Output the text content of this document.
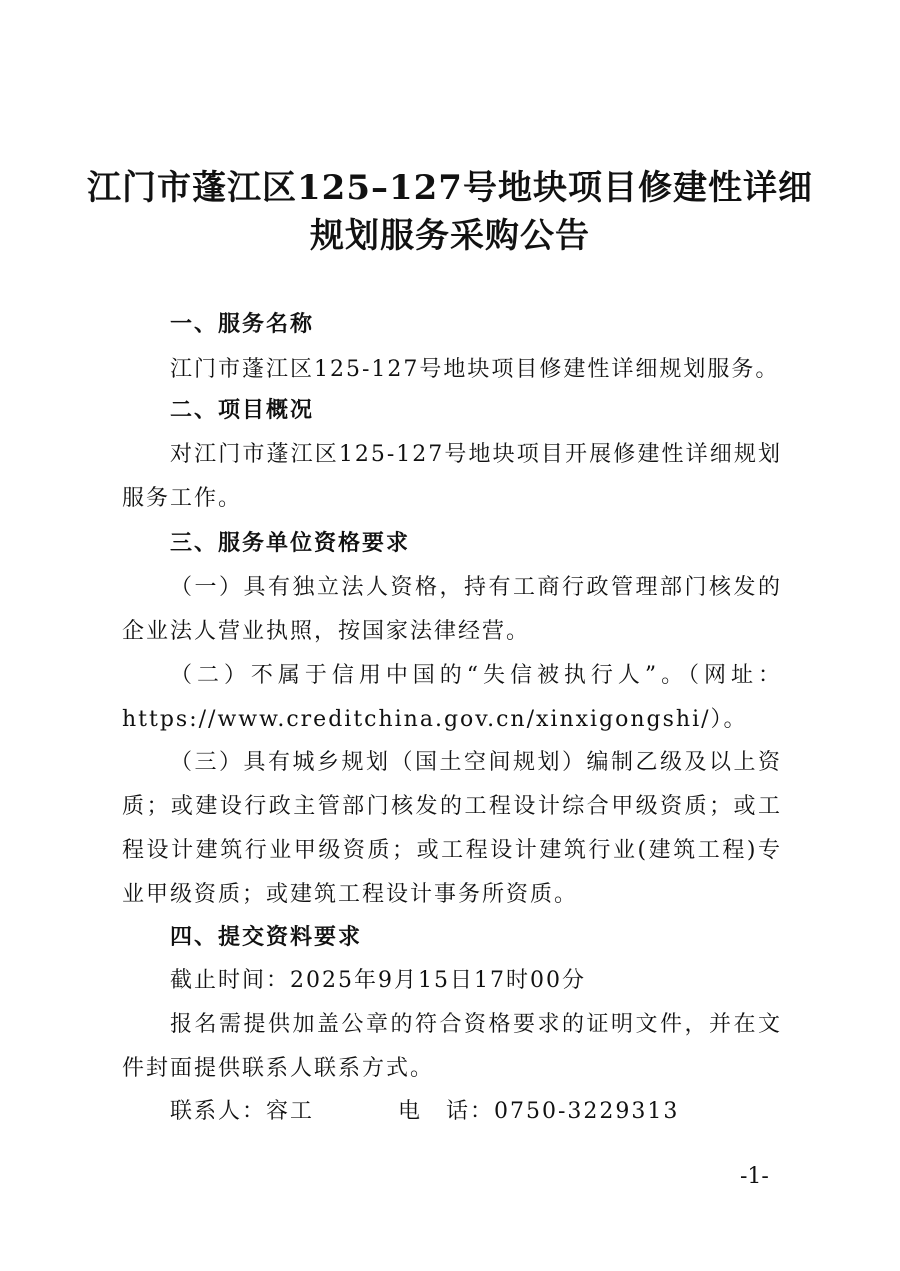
江门市蓬江区125–127号地块项目修建性详细
规划服务采购公告
一、服务名称
江门市蓬江区125-127号地块项目修建性详细规划服务。
二、项目概况
对江门市蓬江区125-127号地块项目开展修建性详细规划
服务工作。
三、服务单位资格要求
（一）具有独立法人资格，持有工商行政管理部门核发的
企业法人营业执照，按国家法律经营。
（二）不属于信用中国的“失信被执行人”。（网址：
https://www.creditchina.gov.cn/xinxigongshi/）。
（三）具有城乡规划（国土空间规划）编制乙级及以上资
质；或建设行政主管部门核发的工程设计综合甲级资质；或工
程设计建筑行业甲级资质；或工程设计建筑行业(建筑工程)专
业甲级资质；或建筑工程设计事务所资质。
四、提交资料要求
截止时间：2025年9月15日17时00分
报名需提供加盖公章的符合资格要求的证明文件，并在文
件封面提供联系人联系方式。
联系人：容工	电　话：0750-3229313
-1-
